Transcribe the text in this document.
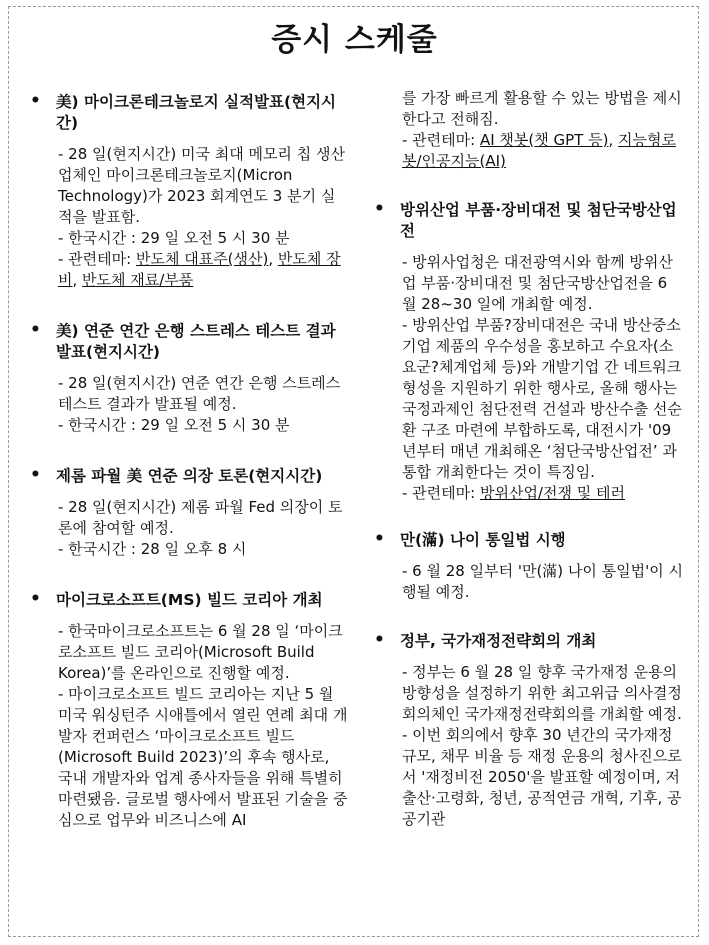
증시 스케줄

• 美) 마이크론테크놀로지 실적발표(현지시간)

- 28 일(현지시간) 미국 최대 메모리 칩 생산업체인 마이크론테크놀로지(Micron Technology)가 2023 회계연도 3 분기 실적을 발표함.

- 한국시간 : 29 일 오전 5 시 30 분

- 관련테마: 반도체 대표주(생산), 반도체 장비, 반도체 재료/부품

• 美) 연준 연간 은행 스트레스 테스트 결과 발표(현지시간)

- 28 일(현지시간) 연준 연간 은행 스트레스 테스트 결과가 발표될 예정.

- 한국시간 : 29 일 오전 5 시 30 분

• 제롬 파월 美 연준 의장 토론(현지시간)

- 28 일(현지시간) 제롬 파월 Fed 의장이 토론에 참여할 예정.

- 한국시간 : 28 일 오후 8 시

• 마이크로소프트(MS) 빌드 코리아 개최

- 한국마이크로소프트는 6 월 28 일 ‘마이크로소프트 빌드 코리아(Microsoft Build Korea)’를 온라인으로 진행할 예정.

- 마이크로소프트 빌드 코리아는 지난 5 월 미국 워싱턴주 시애틀에서 열린 연례 최대 개발자 컨퍼런스 ‘마이크로소프트 빌드(Microsoft Build 2023)’의 후속 행사로, 국내 개발자와 업계 종사자들을 위해 특별히 마련됐음. 글로벌 행사에서 발표된 기술을 중심으로 업무와 비즈니스에 AI

를 가장 빠르게 활용할 수 있는 방법을 제시한다고 전해짐.

- 관련테마: AI 챗봇(챗 GPT 등), 지능형로봇/인공지능(AI)

• 방위산업 부품·장비대전 및 첨단국방산업전

- 방위사업청은 대전광역시와 함께 방위산업 부품·장비대전 및 첨단국방산업전을 6 월 28~30 일에 개최할 예정.

- 방위산업 부품?장비대전은 국내 방산중소기업 제품의 우수성을 홍보하고 수요자(소요군?체계업체 등)와 개발기업 간 네트워크 형성을 지원하기 위한 행사로, 올해 행사는 국정과제인 첨단전력 건설과 방산수출 선순환 구조 마련에 부합하도록, 대전시가 '09 년부터 매년 개최해온 ‘첨단국방산업전’ 과 통합 개최한다는 것이 특징임.

- 관련테마: 방위산업/전쟁 및 테러

• 만(滿) 나이 통일법 시행

- 6 월 28 일부터 '만(滿) 나이 통일법'이 시행될 예정.

• 정부, 국가재정전략회의 개최

- 정부는 6 월 28 일 향후 국가재정 운용의 방향성을 설정하기 위한 최고위급 의사결정 회의체인 국가재정전략회의를 개최할 예정.

- 이번 회의에서 향후 30 년간의 국가재정 규모, 채무 비율 등 재정 운용의 청사진으로서 '재정비전 2050'을 발표할 예정이며, 저출산·고령화, 청년, 공적연금 개혁, 기후, 공공기관
